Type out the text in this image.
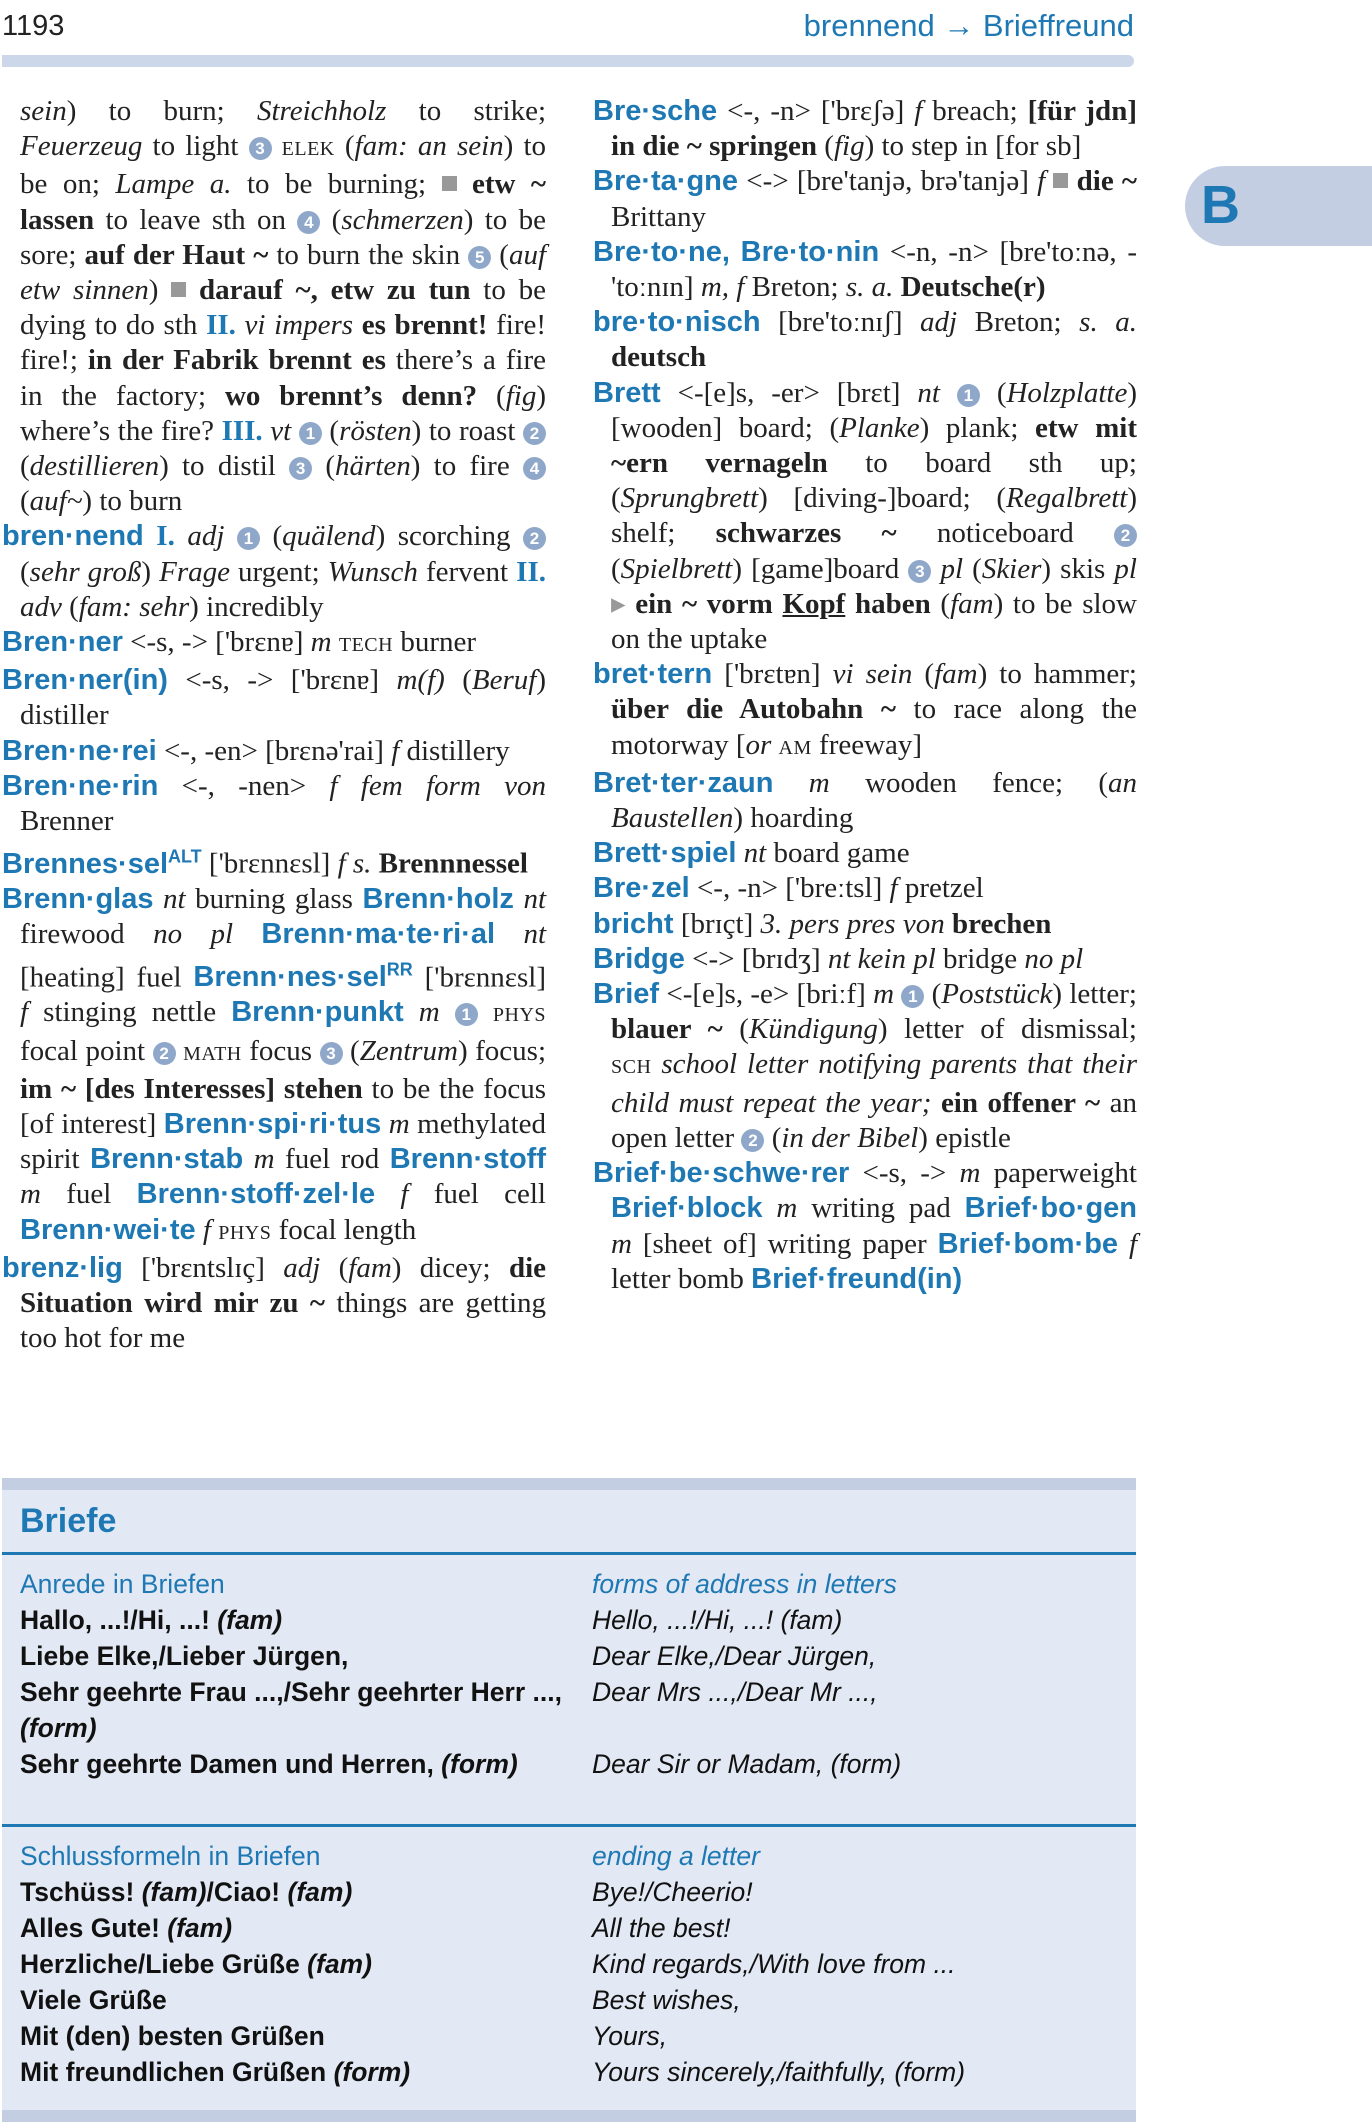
1193	brennend → Brieffreund
B

sein) to burn; Streichholz to strike; Feuerzeug to light 3 ELEK (fam: an sein) to be on; Lampe a. to be burning;  etw ~ lassen to leave sth on 4 (schmerzen) to be sore; auf der Haut ~ to burn the skin 5 (auf etw sinnen)  darauf ~, etw zu tun to be dying to do sth II. vi impers es brennt! fire! fire!; in der Fabrik brennt es there’s a fire in the factory; wo brennt’s denn? (fig) where’s the fire? III. vt 1 (rösten) to roast 2 (destillieren) to distil 3 (härten) to fire 4 (auf~) to burn

bren·nend I. adj 1 (quälend) scorching 2 (sehr groß) Frage urgent; Wunsch fervent II. adv (fam: sehr) incredibly

Bren·ner <-s, -> ['brɛnɐ] m TECH burner

Bren·ner(in) <-s, -> ['brɛnɐ] m(f) (Beruf) distiller

Bren·ne·rei <-, -en> [brɛnə'rai] f distillery

Bren·ne·rin <-, -nen> f fem form von Brenner

Brennes·sel$^{ALT}$ ['brɛnnɛsl] f s. Brennnessel

Brenn·glas nt burning glass Brenn·holz nt firewood no pl Brenn·ma·te·ri·al nt [heating] fuel Brenn·nes·sel$^{RR}$ ['brɛnnɛsl] f stinging nettle Brenn·punkt m 1 PHYS focal point 2 MATH focus 3 (Zentrum) focus; im ~ [des Interesses] stehen to be the focus [of interest] Brenn·spi·ri·tus m methylated spirit Brenn·stab m fuel rod Brenn·stoff m fuel Brenn·stoff·zel·le f fuel cell Brenn·wei·te f PHYS focal length

brenz·lig ['brɛntslɪç] adj (fam) dicey; die Situation wird mir zu ~ things are getting too hot for me

Bre·sche <-, -n> ['brɛʃə] f breach; [für jdn] in die ~ springen (fig) to step in [for sb]

Bre·ta·gne <-> [bre'tanjə, brə'tanjə] f die ~ Brittany

Bre·to·ne, Bre·to·nin <-n, -n> [bre'toːnə, -'toːnɪn] m, f Breton; s. a. Deutsche(r)

bre·to·nisch [bre'toːnɪʃ] adj Breton; s. a. deutsch

Brett <-[e]s, -er> [brɛt] nt 1 (Holzplatte) [wooden] board; (Planke) plank; etw mit ~ern vernageln to board sth up; (Sprungbrett) [diving-]board; (Regalbrett) shelf; schwarzes ~ noticeboard 2 (Spielbrett) [game]board 3 pl (Skier) skis pl ▸ ein ~ vorm Kopf haben (fam) to be slow on the uptake

bret·tern ['brɛtɐn] vi sein (fam) to hammer; über die Autobahn ~ to race along the motorway [or AM freeway]

Bret·ter·zaun m wooden fence; (an Baustellen) hoarding

Brett·spiel nt board game

Bre·zel <-, -n> ['breːtsl] f pretzel

bricht [brɪçt] 3. pers pres von brechen

Bridge <-> [brɪdʒ] nt kein pl bridge no pl

Brief <-[e]s, -e> [briːf] m 1 (Poststück) letter; blauer ~ (Kündigung) letter of dismissal; SCH school letter notifying parents that their child must repeat the year; ein offener ~ an open letter 2 (in der Bibel) epistle

Brief·be·schwe·rer <-s, -> m paperweight Brief·block m writing pad Brief·bo·gen m [sheet of] writing paper Brief·bom·be f letter bomb Brief·freund(in)

Briefe
Anrede in Briefen
Hallo, ...!/Hi, ...! (fam)
Liebe Elke,/Lieber Jürgen,
Sehr geehrte Frau ...,/Sehr geehrter Herr ..., (form)
Sehr geehrte Damen und Herren, (form)
forms of address in letters
Hello, ...!/Hi, ...! (fam)
Dear Elke,/Dear Jürgen,
Dear Mrs ...,/Dear Mr ...,
Dear Sir or Madam, (form)
Schlussformeln in Briefen
Tschüss! (fam)/Ciao! (fam)
Alles Gute! (fam)
Herzliche/Liebe Grüße (fam)
Viele Grüße
Mit (den) besten Grüßen
Mit freundlichen Grüßen (form)
ending a letter
Bye!/Cheerio!
All the best!
Kind regards,/With love from ...
Best wishes,
Yours,
Yours sincerely,/faithfully, (form)
